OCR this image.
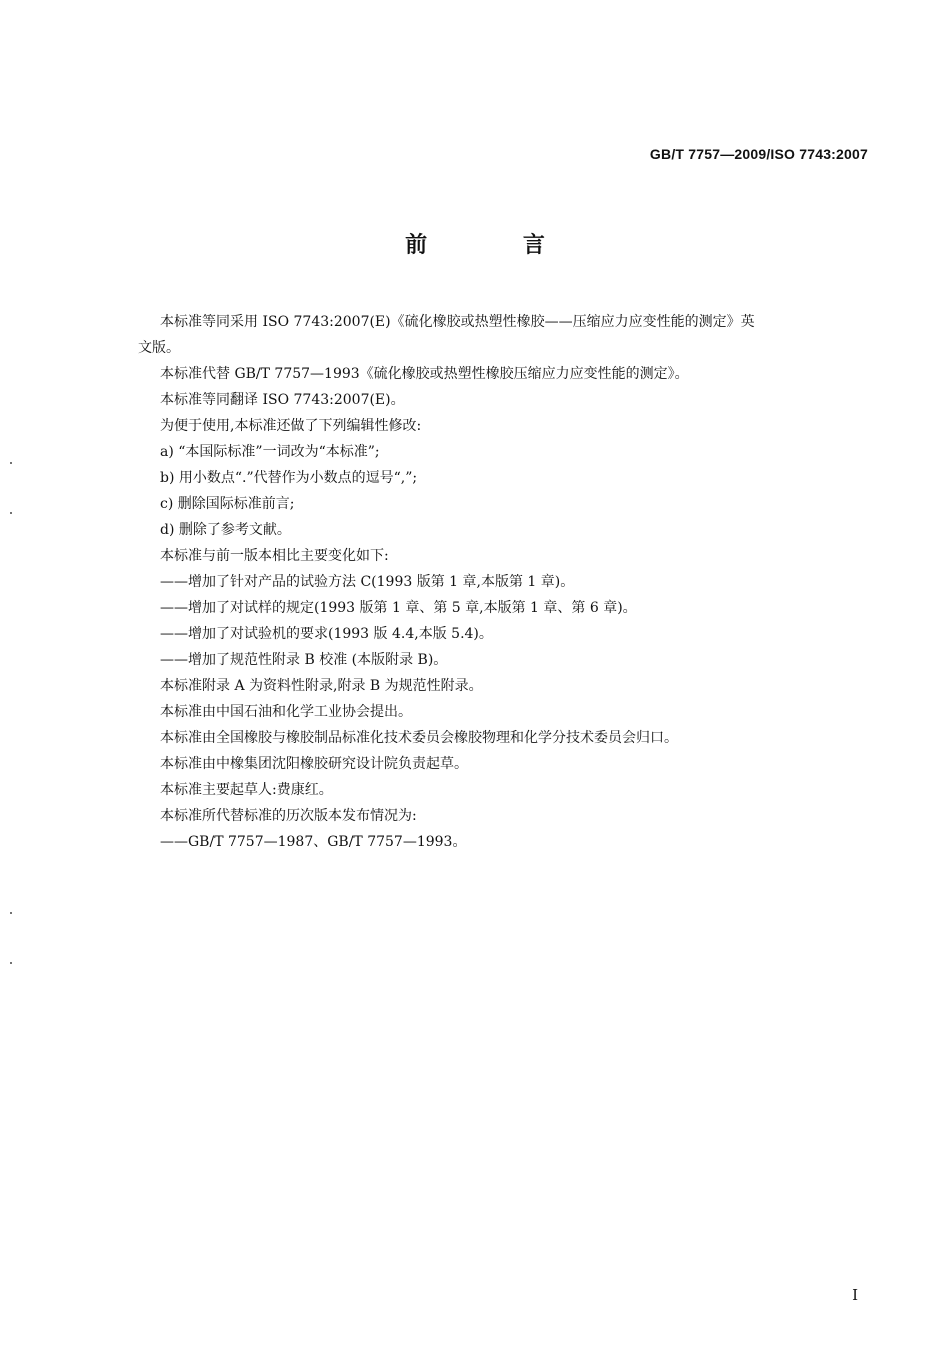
GB/T 7757—2009/ISO 7743:2007
前 言
本标准等同采用 ISO 7743:2007(E)《硫化橡胶或热塑性橡胶——压缩应力应变性能的测定》英
文版。
本标准代替 GB/T 7757—1993《硫化橡胶或热塑性橡胶压缩应力应变性能的测定》。
本标准等同翻译 ISO 7743:2007(E)。
为便于使用,本标准还做了下列编辑性修改:
a) “本国际标准”一词改为“本标准”;
b) 用小数点“.”代替作为小数点的逗号“,”;
c) 删除国际标准前言;
d) 删除了参考文献。
本标准与前一版本相比主要变化如下:
——增加了针对产品的试验方法 C(1993 版第 1 章,本版第 1 章)。
——增加了对试样的规定(1993 版第 1 章、第 5 章,本版第 1 章、第 6 章)。
——增加了对试验机的要求(1993 版 4.4,本版 5.4)。
——增加了规范性附录 B 校准 (本版附录 B)。
本标准附录 A 为资料性附录,附录 B 为规范性附录。
本标准由中国石油和化学工业协会提出。
本标准由全国橡胶与橡胶制品标准化技术委员会橡胶物理和化学分技术委员会归口。
本标准由中橡集团沈阳橡胶研究设计院负责起草。
本标准主要起草人:费康红。
本标准所代替标准的历次版本发布情况为:
——GB/T 7757—1987、GB/T 7757—1993。
I
